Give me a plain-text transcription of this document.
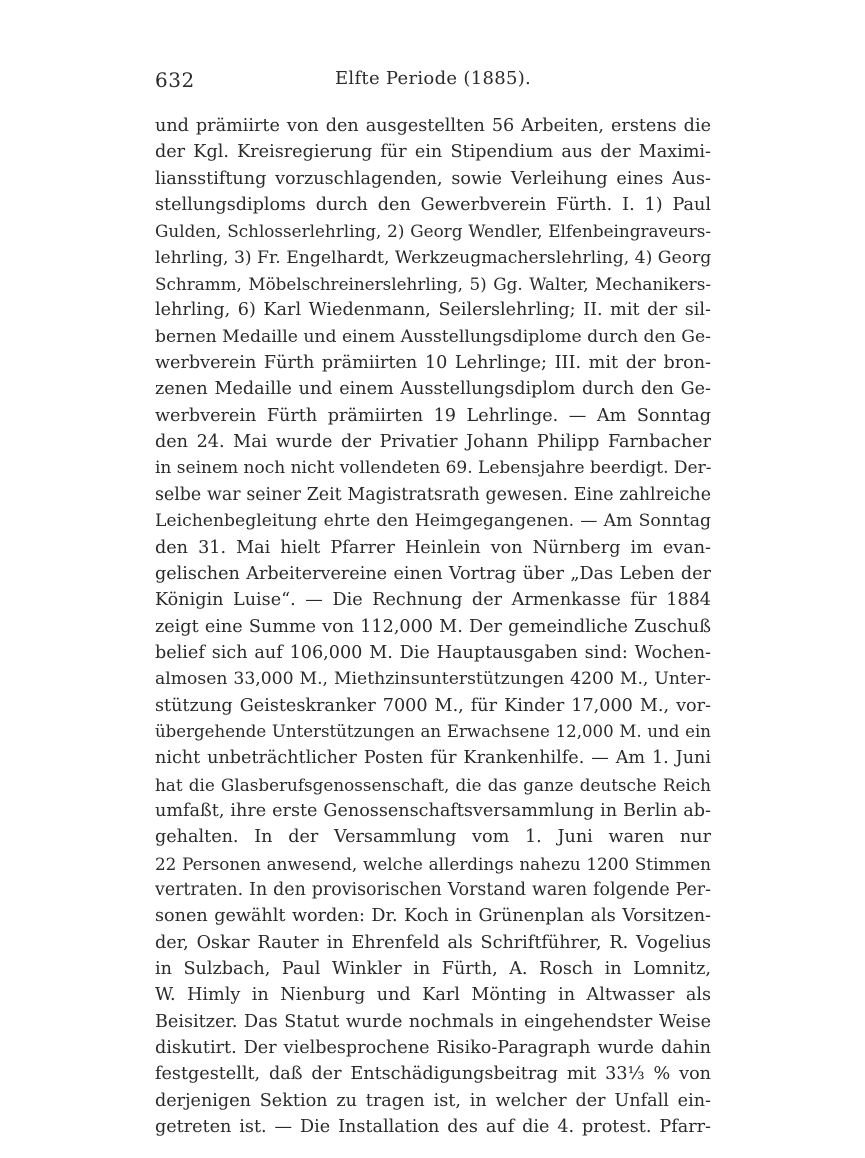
632	Elfte Periode (1885).
und prämiirte von den ausgestellten 56 Arbeiten, erstens die
der Kgl. Kreisregierung für ein Stipendium aus der Maximi-
liansstiftung vorzuschlagenden, sowie Verleihung eines Aus-
stellungsdiploms durch den Gewerbverein Fürth. I. 1) Paul
Gulden, Schlosserlehrling, 2) Georg Wendler, Elfenbeingraveurs-
lehrling, 3) Fr. Engelhardt, Werkzeugmacherslehrling, 4) Georg
Schramm, Möbelschreinerslehrling, 5) Gg. Walter, Mechanikers-
lehrling, 6) Karl Wiedenmann, Seilerslehrling; II. mit der sil-
bernen Medaille und einem Ausstellungsdiplome durch den Ge-
werbverein Fürth prämiirten 10 Lehrlinge; III. mit der bron-
zenen Medaille und einem Ausstellungsdiplom durch den Ge-
werbverein Fürth prämiirten 19 Lehrlinge. — Am Sonntag
den 24. Mai wurde der Privatier Johann Philipp Farnbacher
in seinem noch nicht vollendeten 69. Lebensjahre beerdigt. Der-
selbe war seiner Zeit Magistratsrath gewesen. Eine zahlreiche
Leichenbegleitung ehrte den Heimgegangenen. — Am Sonntag
den 31. Mai hielt Pfarrer Heinlein von Nürnberg im evan-
gelischen Arbeitervereine einen Vortrag über „Das Leben der
Königin Luise“. — Die Rechnung der Armenkasse für 1884
zeigt eine Summe von 112,000 M. Der gemeindliche Zuschuß
belief sich auf 106,000 M. Die Hauptausgaben sind: Wochen-
almosen 33,000 M., Miethzinsunterstützungen 4200 M., Unter-
stützung Geisteskranker 7000 M., für Kinder 17,000 M., vor-
übergehende Unterstützungen an Erwachsene 12,000 M. und ein
nicht unbeträchtlicher Posten für Krankenhilfe. — Am 1. Juni
hat die Glasberufsgenossenschaft, die das ganze deutsche Reich
umfaßt, ihre erste Genossenschaftsversammlung in Berlin ab-
gehalten. In der Versammlung vom 1. Juni waren nur
22 Personen anwesend, welche allerdings nahezu 1200 Stimmen
vertraten. In den provisorischen Vorstand waren folgende Per-
sonen gewählt worden: Dr. Koch in Grünenplan als Vorsitzen-
der, Oskar Rauter in Ehrenfeld als Schriftführer, R. Vogelius
in Sulzbach, Paul Winkler in Fürth, A. Rosch in Lomnitz,
W. Himly in Nienburg und Karl Mönting in Altwasser als
Beisitzer. Das Statut wurde nochmals in eingehendster Weise
diskutirt. Der vielbesprochene Risiko-Paragraph wurde dahin
festgestellt, daß der Entschädigungsbeitrag mit 33⅓ % von
derjenigen Sektion zu tragen ist, in welcher der Unfall ein-
getreten ist. — Die Installation des auf die 4. protest. Pfarr-
